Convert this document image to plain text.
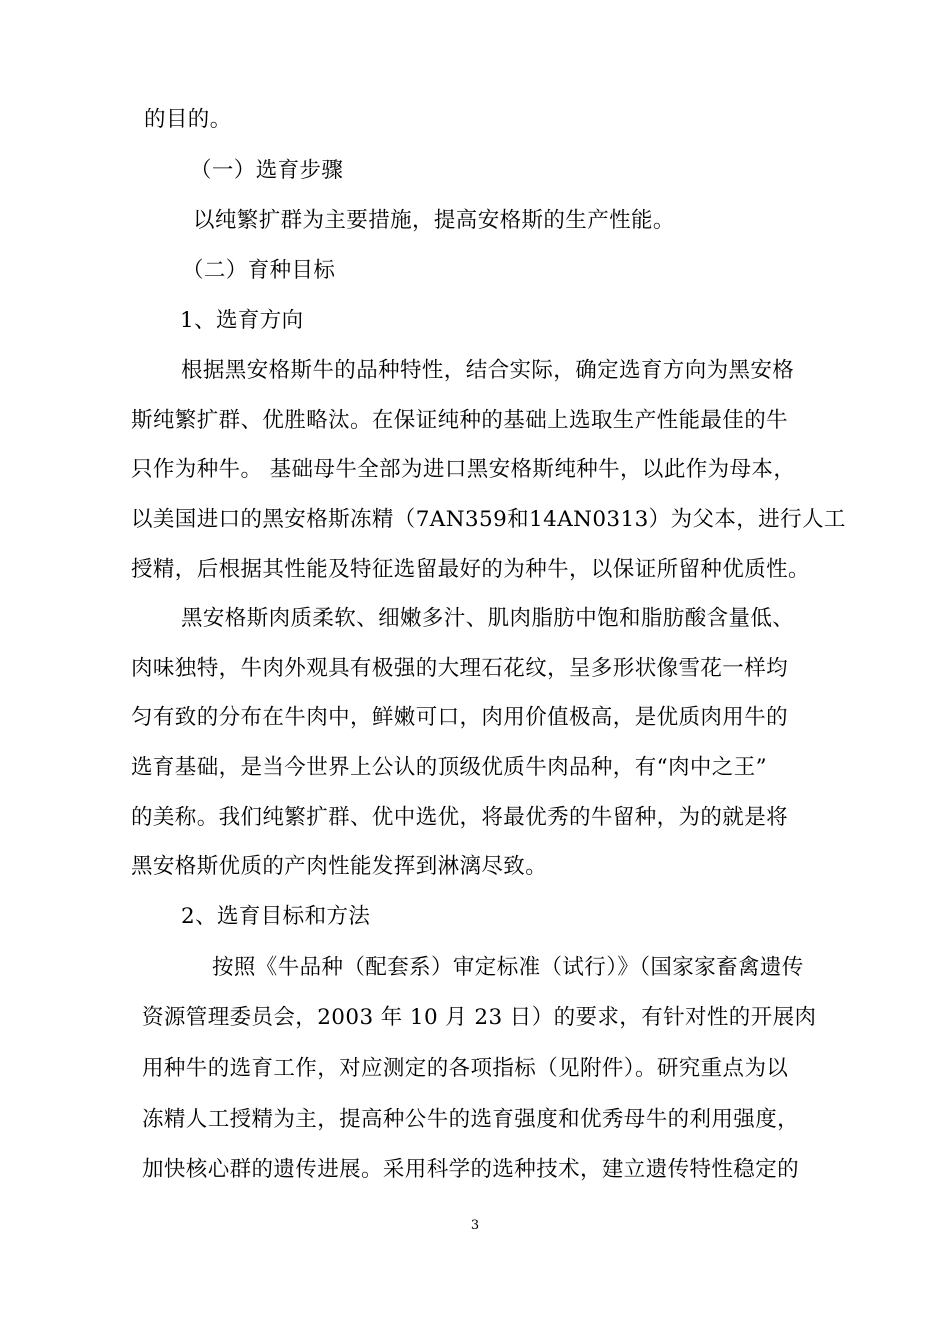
的目的。
（一）选育步骤
以纯繁扩群为主要措施，提高安格斯的生产性能。
（二）育种目标
1、选育方向
根据黑安格斯牛的品种特性，结合实际，确定选育方向为黑安格
斯纯繁扩群、优胜略汰。在保证纯种的基础上选取生产性能最佳的牛
只作为种牛。 基础母牛全部为进口黑安格斯纯种牛，以此作为母本，
以美国进口的黑安格斯冻精（7AN359和14AN0313）为父本，进行人工
授精，后根据其性能及特征选留最好的为种牛，以保证所留种优质性。
黑安格斯肉质柔软、细嫩多汁、肌肉脂肪中饱和脂肪酸含量低、
肉味独特，牛肉外观具有极强的大理石花纹，呈多形状像雪花一样均
匀有致的分布在牛肉中，鲜嫩可口，肉用价值极高，是优质肉用牛的
选育基础，是当今世界上公认的顶级优质牛肉品种，有“肉中之王”
的美称。我们纯繁扩群、优中选优，将最优秀的牛留种，为的就是将
黑安格斯优质的产肉性能发挥到淋漓尽致。
2、选育目标和方法
按照《牛品种（配套系）审定标准（试行）》（国家家畜禽遗传
资源管理委员会，2003 年 10 月 23 日）的要求，有针对性的开展肉
用种牛的选育工作，对应测定的各项指标（见附件）。研究重点为以
冻精人工授精为主，提高种公牛的选育强度和优秀母牛的利用强度，
加快核心群的遗传进展。采用科学的选种技术，建立遗传特性稳定的
3
